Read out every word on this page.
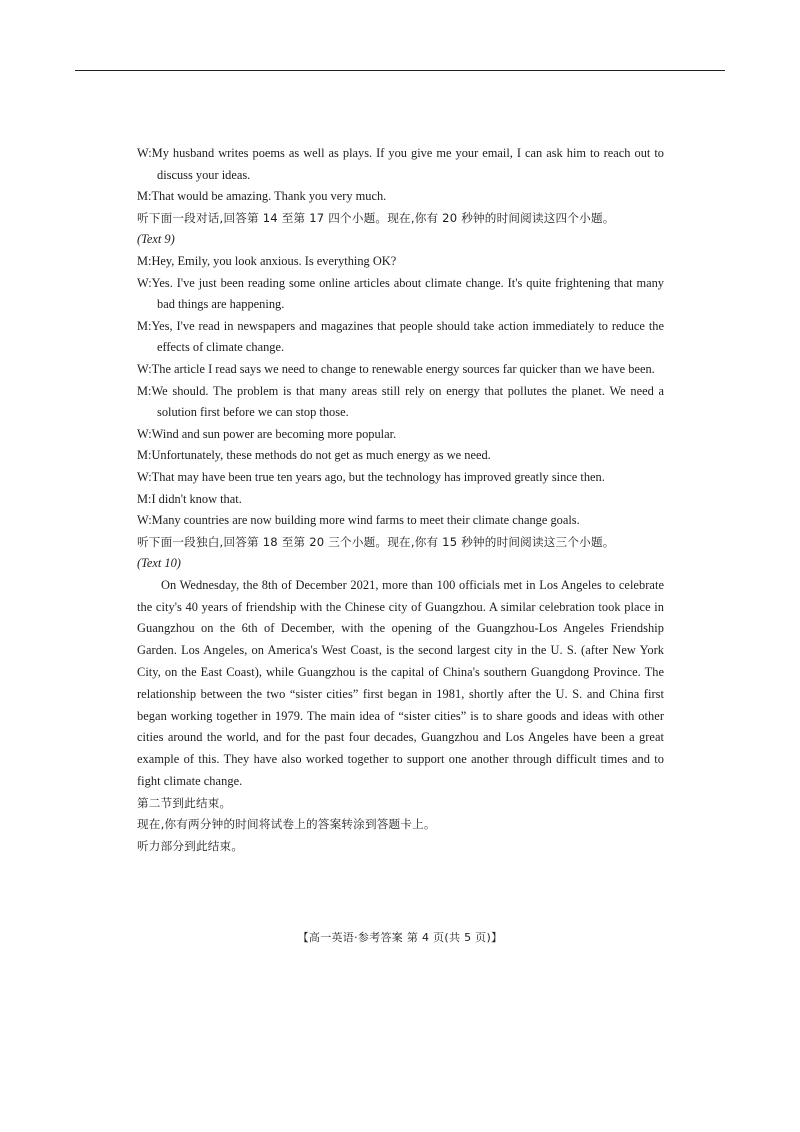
W:My husband writes poems as well as plays. If you give me your email, I can ask him to reach out to discuss your ideas.

M:That would be amazing. Thank you very much.

听下面一段对话,回答第 14 至第 17 四个小题。现在,你有 20 秒钟的时间阅读这四个小题。

(Text 9)

M:Hey, Emily, you look anxious. Is everything OK?

W:Yes. I've just been reading some online articles about climate change. It's quite frightening that many bad things are happening.

M:Yes, I've read in newspapers and magazines that people should take action immediately to reduce the effects of climate change.

W:The article I read says we need to change to renewable energy sources far quicker than we have been.

M:We should. The problem is that many areas still rely on energy that pollutes the planet. We need a solution first before we can stop those.

W:Wind and sun power are becoming more popular.

M:Unfortunately, these methods do not get as much energy as we need.

W:That may have been true ten years ago, but the technology has improved greatly since then.

M:I didn't know that.

W:Many countries are now building more wind farms to meet their climate change goals.

听下面一段独白,回答第 18 至第 20 三个小题。现在,你有 15 秒钟的时间阅读这三个小题。

(Text 10)

On Wednesday, the 8th of December 2021, more than 100 officials met in Los Angeles to celebrate the city's 40 years of friendship with the Chinese city of Guangzhou. A similar celebration took place in Guangzhou on the 6th of December, with the opening of the Guangzhou-Los Angeles Friendship Garden. Los Angeles, on America's West Coast, is the second largest city in the U. S. (after New York City, on the East Coast), while Guangzhou is the capital of China's southern Guangdong Province. The relationship between the two “sister cities” first began in 1981, shortly after the U. S. and China first began working together in 1979. The main idea of “sister cities” is to share goods and ideas with other cities around the world, and for the past four decades, Guangzhou and Los Angeles have been a great example of this. They have also worked together to support one another through difficult times and to fight climate change.

第二节到此结束。

现在,你有两分钟的时间将试卷上的答案转涂到答题卡上。

听力部分到此结束。

【高一英语·参考答案 第 4 页(共 5 页)】
